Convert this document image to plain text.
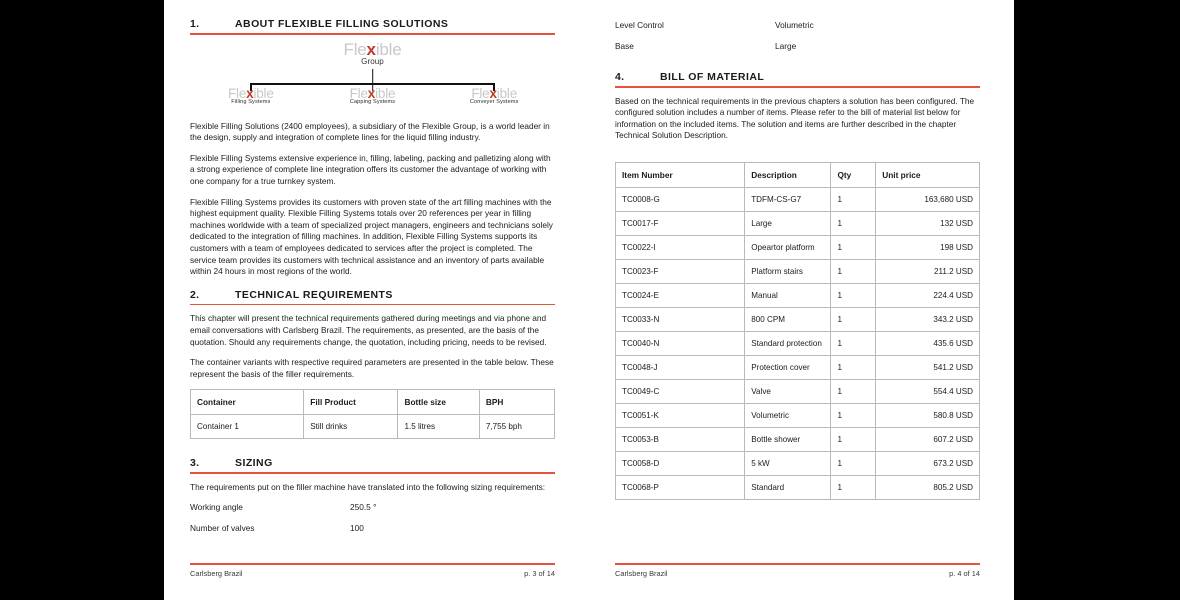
1.	ABOUT FLEXIBLE FILLING SOLUTIONS
Flexible
Group
Flexible
Filling Systems
Flexible
Capping Systems
Flexible
Conveyer Systems

Flexible Filling Solutions (2400 employees), a subsidiary of the Flexible Group, is a world leader in the design, supply and integration of complete lines for the liquid filling industry.

Flexible Filling Systems extensive experience in, filling, labeling, packing and palletizing along with a strong experience of complete line integration offers its customer the advantage of working with one company for a true turnkey system.

Flexible Filling Systems provides its customers with proven state of the art filling machines with the highest equipment quality. Flexible Filling Systems totals over 20 references per year in filling machines worldwide with a team of specialized project managers, engineers and technicians solely dedicated to the integration of filling machines. In addition, Flexible Filling Systems supports its customers with a team of employees dedicated to services after the project is completed. The service team provides its customers with technical assistance and an inventory of parts available within 24 hours in most regions of the world.

2.	TECHNICAL REQUIREMENTS

This chapter will present the technical requirements gathered during meetings and via phone and email conversations with Carlsberg Brazil. The requirements, as presented, are the basis of the quotation. Should any requirements change, the quotation, including pricing, needs to be revised.

The container variants with respective required parameters are presented in the table below. These represent the basis of the filler requirements.

Container	Fill Product	Bottle size	BPH
Container 1	Still drinks	1.5 litres	7,755 bph
3.	SIZING

The requirements put on the filler machine have translated into the following sizing requirements:

Working angle	250.5 °
Number of valves	100
Carlsberg Brazil	p. 3 of 14
Level Control	Volumetric
Base	Large
4.	BILL OF MATERIAL

Based on the technical requirements in the previous chapters a solution has been configured. The configured solution includes a number of items. Please refer to the bill of material list below for information on the included items. The solution and items are further described in the chapter Technical Solution Description.

Item Number	Description	Qty	Unit price
TC0008-G	TDFM-CS-G7	1	163,680 USD
TC0017-F	Large	1	132 USD
TC0022-I	Opeartor platform	1	198 USD
TC0023-F	Platform stairs	1	211.2 USD
TC0024-E	Manual	1	224.4 USD
TC0033-N	800 CPM	1	343.2 USD
TC0040-N	Standard protection	1	435.6 USD
TC0048-J	Protection cover	1	541.2 USD
TC0049-C	Valve	1	554.4 USD
TC0051-K	Volumetric	1	580.8 USD
TC0053-B	Bottle shower	1	607.2 USD
TC0058-D	5 kW	1	673.2 USD
TC0068-P	Standard	1	805.2 USD
Carlsberg Brazil	p. 4 of 14
